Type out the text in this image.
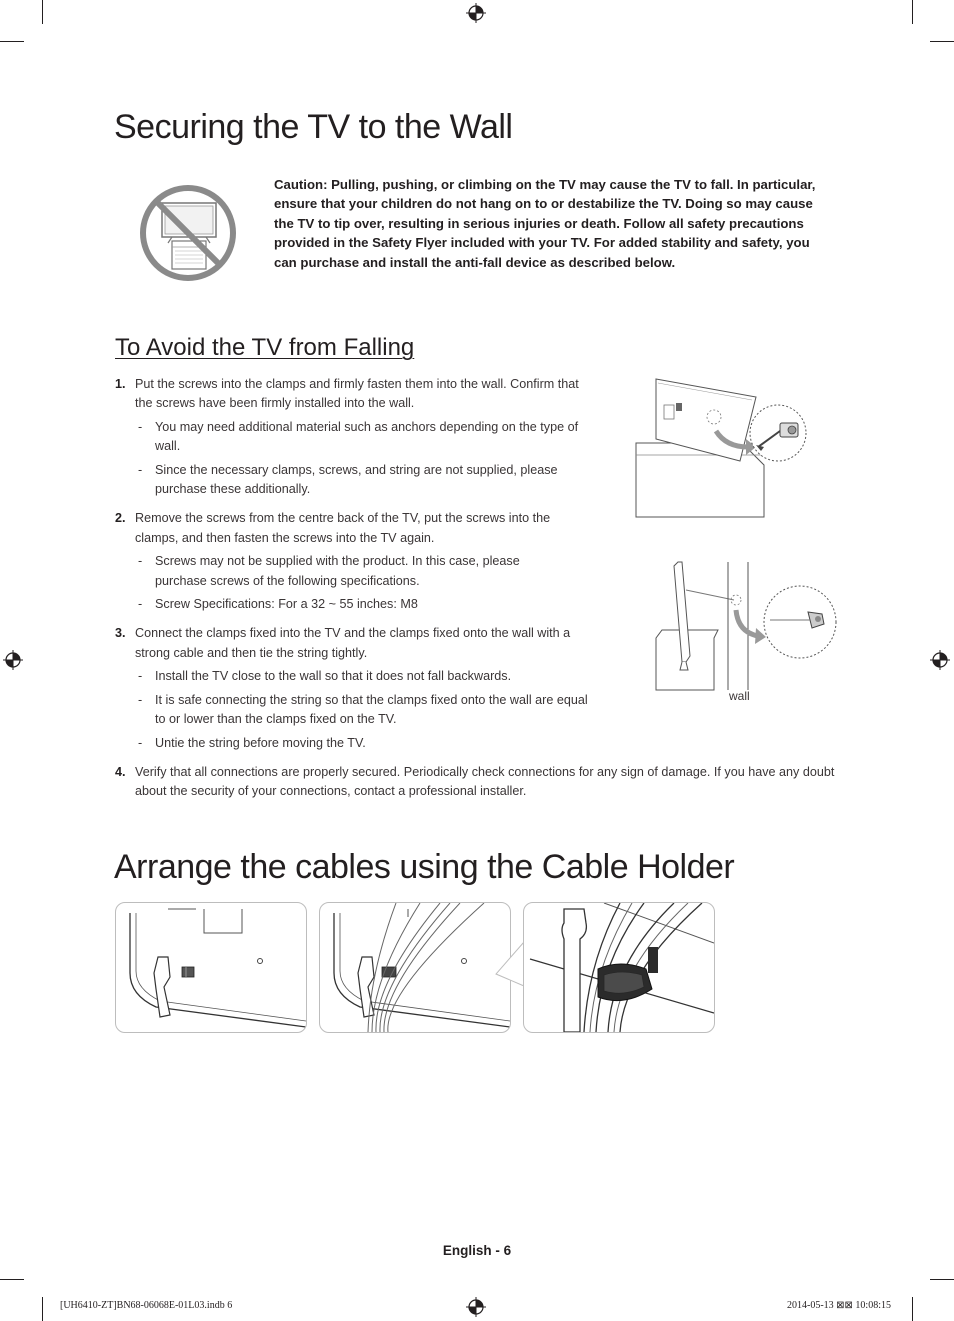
Securing the TV to the Wall
Caution: Pulling, pushing, or climbing on the TV may cause the TV to fall. In particular, ensure that your children do not hang on to or destabilize the TV. Doing so may cause the TV to tip over, resulting in serious injuries or death. Follow all safety precautions provided in the Safety Flyer included with your TV. For added stability and safety, you can purchase and install the anti-fall device as described below.
To Avoid the TV from Falling
1. Put the screws into the clamps and firmly fasten them into the wall. Confirm that the screws have been firmly installed into the wall.
- You may need additional material such as anchors depending on the type of wall.
- Since the necessary clamps, screws, and string are not supplied, please purchase these additionally.
2. Remove the screws from the centre back of the TV, put the screws into the clamps, and then fasten the screws into the TV again.
- Screws may not be supplied with the product. In this case, please purchase screws of the following specifications.
- Screw Specifications: For a 32 ~ 55 inches: M8
3. Connect the clamps fixed into the TV and the clamps fixed onto the wall with a strong cable and then tie the string tightly.
- Install the TV close to the wall so that it does not fall backwards.
- It is safe connecting the string so that the clamps fixed onto the wall are equal to or lower than the clamps fixed on the TV.
- Untie the string before moving the TV.
4. Verify that all connections are properly secured. Periodically check connections for any sign of damage. If you have any doubt about the security of your connections, contact a professional installer.
wall
Arrange the cables using the Cable Holder
English - 6
[UH6410-ZT]BN68-06068E-01L03.indb 6	2014-05-13 ⊠⊠ 10:08:15
